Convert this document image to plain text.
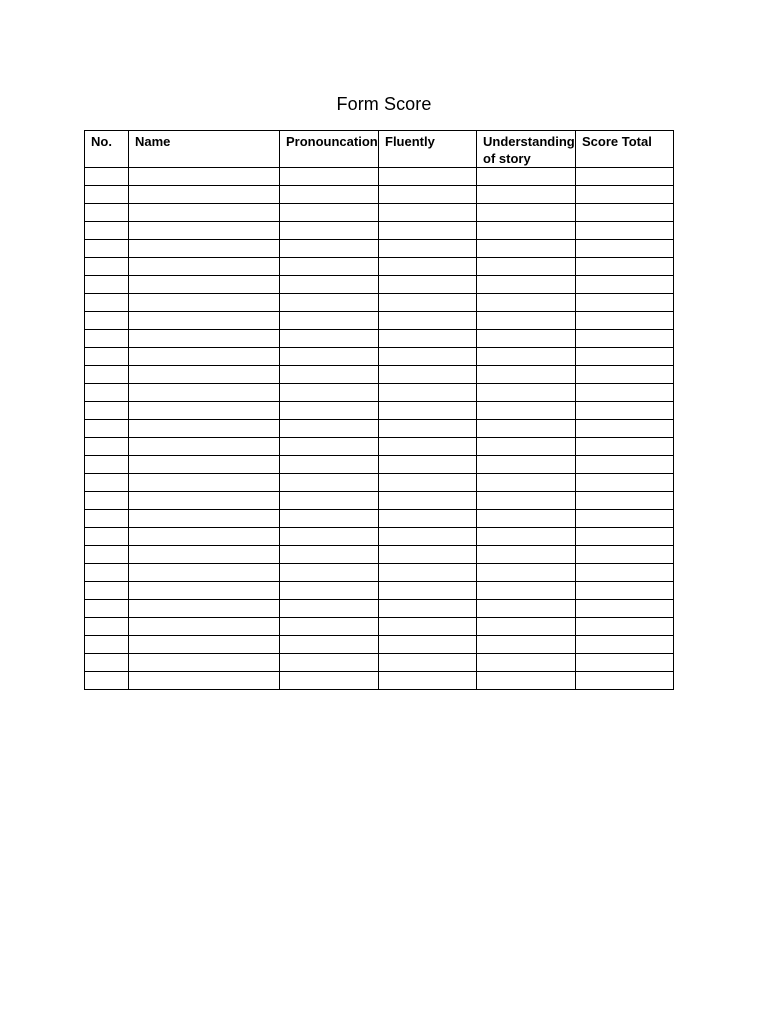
Form Score
No.	Name	Pronouncation	Fluently	Understanding of story	Score Total
